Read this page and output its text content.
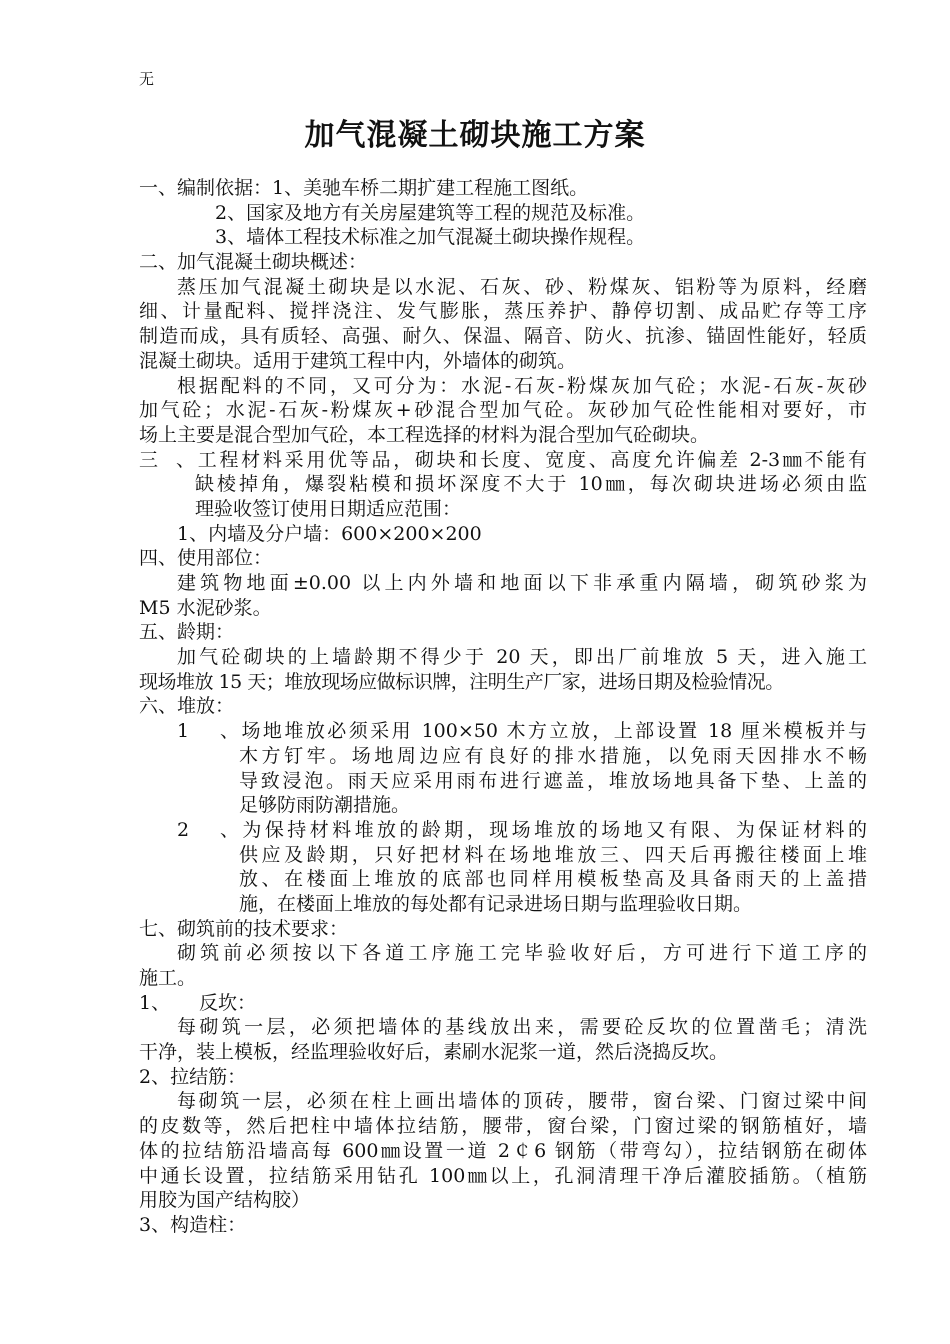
无
加气混凝土砌块施工方案
一、编制依据：1、美驰车桥二期扩建工程施工图纸。
2、国家及地方有关房屋建筑等工程的规范及标准。
3、墙体工程技术标准之加气混凝土砌块操作规程。
二、加气混凝土砌块概述：
蒸压加气混凝土砌块是以水泥、石灰、砂、粉煤灰、铝粉等为原料，经磨
细、计量配料、搅拌浇注、发气膨胀，蒸压养护、静停切割、成品贮存等工序
制造而成，具有质轻、高强、耐久、保温、隔音、防火、抗渗、锚固性能好，轻质
混凝土砌块。适用于建筑工程中内，外墙体的砌筑。
根据配料的不同，又可分为：水泥-石灰-粉煤灰加气砼；水泥-石灰-灰砂
加气砼；水泥-石灰-粉煤灰+砂混合型加气砼。灰砂加气砼性能相对要好，市
场上主要是混合型加气砼，本工程选择的材料为混合型加气砼砌块。
三、工程材料采用优等品，砌块和长度、宽度、高度允许偏差 2-3㎜不能有
缺棱掉角，爆裂粘模和损坏深度不大于 10㎜，每次砌块进场必须由监
理验收签订使用日期适应范围：
1、内墙及分户墙：600×200×200
四、使用部位：
建筑物地面±0.00 以上内外墙和地面以下非承重内隔墙，砌筑砂浆为
M5 水泥砂浆。
五、龄期：
加气砼砌块的上墙龄期不得少于 20 天，即出厂前堆放 5 天，进入施工
现场堆放 15 天；堆放现场应做标识牌，注明生产厂家，进场日期及检验情况。
六、堆放：
1、场地堆放必须采用 100×50 木方立放，上部设置 18 厘米模板并与
木方钉牢。场地周边应有良好的排水措施，以免雨天因排水不畅
导致浸泡。雨天应采用雨布进行遮盖，堆放场地具备下垫、上盖的
足够防雨防潮措施。
2、为保持材料堆放的龄期，现场堆放的场地又有限、为保证材料的
供应及龄期，只好把材料在场地堆放三、四天后再搬往楼面上堆
放、在楼面上堆放的底部也同样用模板垫高及具备雨天的上盖措
施，在楼面上堆放的每处都有记录进场日期与监理验收日期。
七、砌筑前的技术要求：
砌筑前必须按以下各道工序施工完毕验收好后，方可进行下道工序的
施工。
1、 反坎：
每砌筑一层，必须把墙体的基线放出来，需要砼反坎的位置凿毛；清洗
干净，装上模板，经监理验收好后，素刷水泥浆一道，然后浇捣反坎。
2、拉结筋：
每砌筑一层，必须在柱上画出墙体的顶砖，腰带，窗台梁、门窗过梁中间
的皮数等，然后把柱中墙体拉结筋，腰带，窗台梁，门窗过梁的钢筋植好，墙
体的拉结筋沿墙高每 600㎜设置一道 2￠6 钢筋（带弯勾），拉结钢筋在砌体
中通长设置，拉结筋采用钻孔 100㎜以上，孔洞清理干净后灌胶插筋。（植筋
用胶为国产结构胶）
3、构造柱：
